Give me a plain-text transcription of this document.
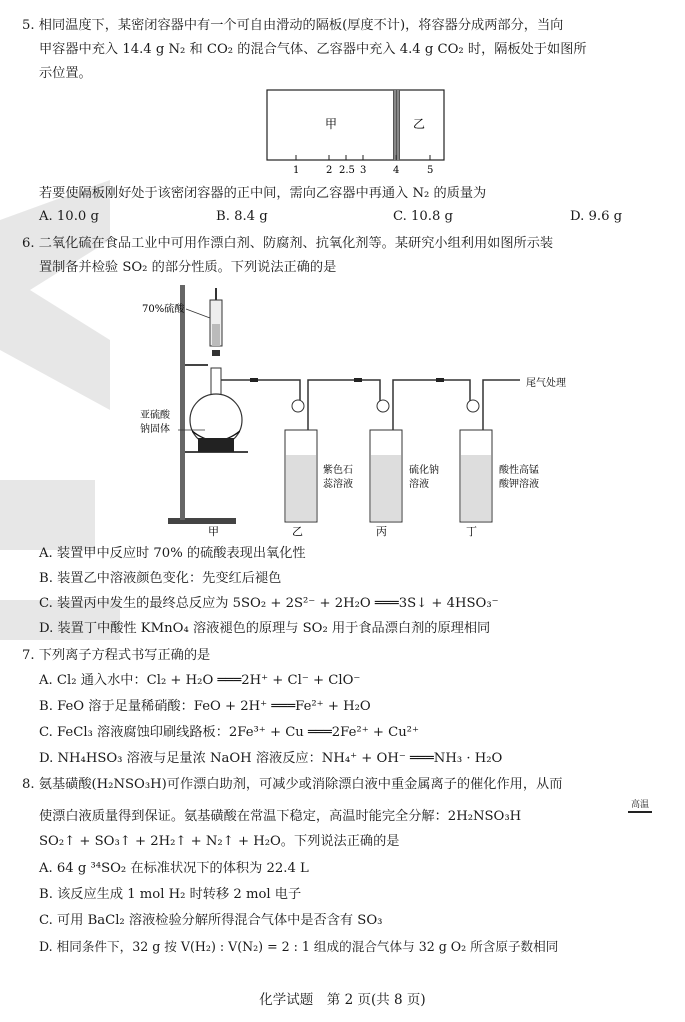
5. 相同温度下，某密闭容器中有一个可自由滑动的隔板(厚度不计)，将容器分成两部分，当向
甲容器中充入 14.4 g N₂ 和 CO₂ 的混合气体、乙容器中充入 4.4 g CO₂ 时，隔板处于如图所
示位置。
甲	乙
1	2 2.5 3	4	5
若要使隔板刚好处于该密闭容器的正中间，需向乙容器中再通入 N₂ 的质量为
A. 10.0 g	B. 8.4 g	C. 10.8 g	D. 9.6 g
6. 二氧化硫在食品工业中可用作漂白剂、防腐剂、抗氧化剂等。某研究小组利用如图所示装
置制备并检验 SO₂ 的部分性质。下列说法正确的是
70%硫酸
亚硫酸
钠固体
紫色石
蕊溶液
硫化钠
溶液
酸性高锰
酸钾溶液
尾气处理
甲	乙	丙	丁
A. 装置甲中反应时 70% 的硫酸表现出氧化性
B. 装置乙中溶液颜色变化：先变红后褪色
C. 装置丙中发生的最终总反应为 5SO₂ + 2S²⁻ + 2H₂O ═══3S↓ + 4HSO₃⁻
D. 装置丁中酸性 KMnO₄ 溶液褪色的原理与 SO₂ 用于食品漂白剂的原理相同
7. 下列离子方程式书写正确的是
A. Cl₂ 通入水中：Cl₂ + H₂O ═══2H⁺ + Cl⁻ + ClO⁻
B. FeO 溶于足量稀硝酸：FeO + 2H⁺ ═══Fe²⁺ + H₂O
C. FeCl₃ 溶液腐蚀印刷线路板：2Fe³⁺ + Cu ═══2Fe²⁺ + Cu²⁺
D. NH₄HSO₃ 溶液与足量浓 NaOH 溶液反应：NH₄⁺ + OH⁻ ═══NH₃ · H₂O
8. 氨基磺酸(H₂NSO₃H)可作漂白助剂，可减少或消除漂白液中重金属离子的催化作用，从而
使漂白液质量得到保证。氨基磺酸在常温下稳定，高温时能完全分解：2H₂NSO₃H
高温
SO₂↑ + SO₃↑ + 2H₂↑ + N₂↑ + H₂O。下列说法正确的是
A. 64 g ³⁴SO₂ 在标准状况下的体积为 22.4 L
B. 该反应生成 1 mol H₂ 时转移 2 mol 电子
C. 可用 BaCl₂ 溶液检验分解所得混合气体中是否含有 SO₃
D. 相同条件下，32 g 按 V(H₂) : V(N₂) = 2 : 1 组成的混合气体与 32 g O₂ 所含原子数相同
化学试题　第 2 页(共 8 页)
